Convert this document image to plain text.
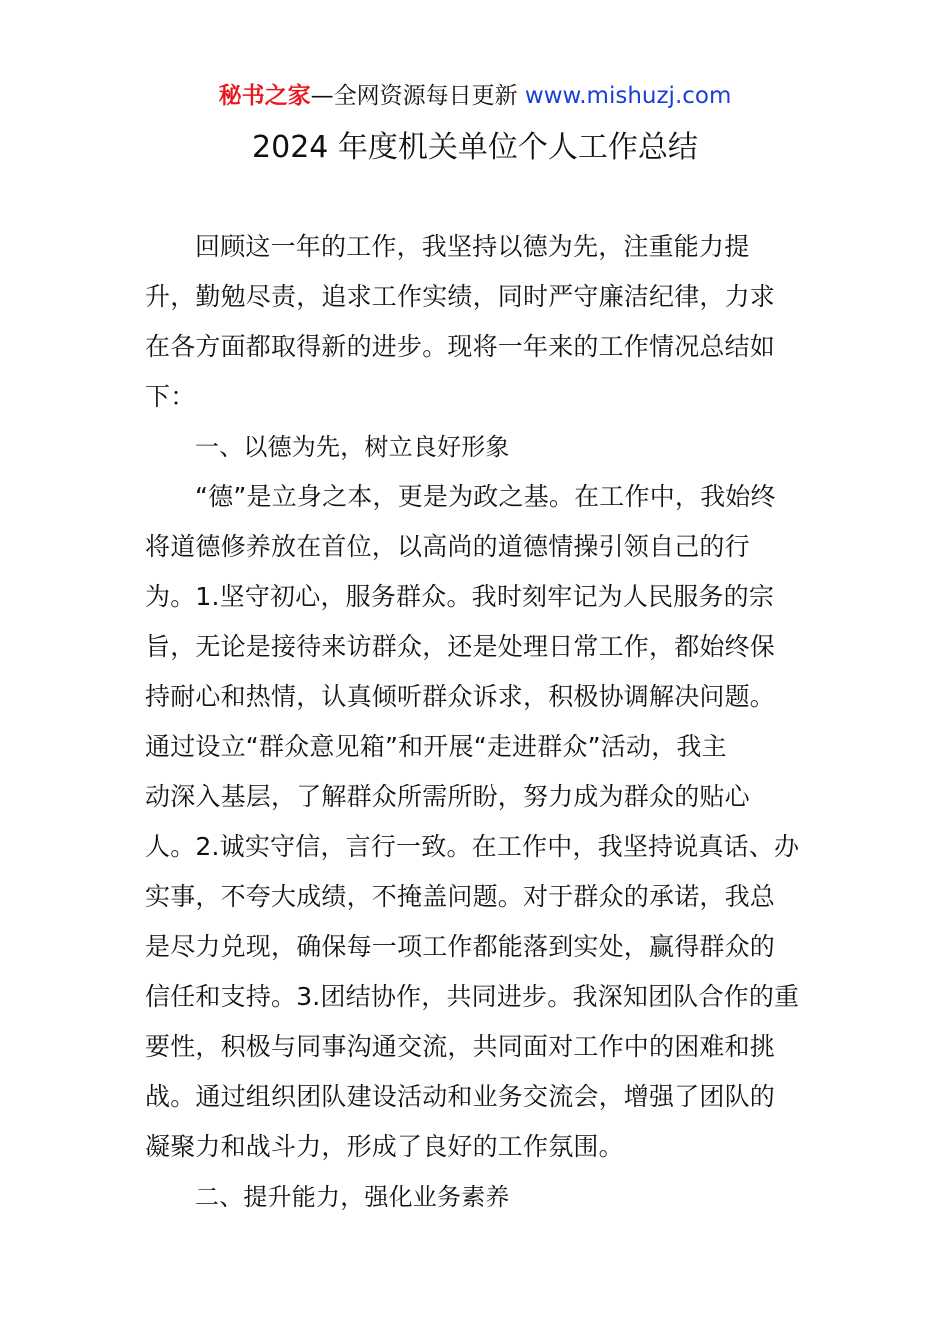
秘书之家—全网资源每日更新 www.mishuzj.com
2024 年度机关单位个人工作总结
回顾这一年的工作，我坚持以德为先，注重能力提
升，勤勉尽责，追求工作实绩，同时严守廉洁纪律，力求
在各方面都取得新的进步。现将一年来的工作情况总结如
下：
一、以德为先，树立良好形象
“德”是立身之本，更是为政之基。在工作中，我始终
将道德修养放在首位，以高尚的道德情操引领自己的行
为。1.坚守初心，服务群众。我时刻牢记为人民服务的宗
旨，无论是接待来访群众，还是处理日常工作，都始终保
持耐心和热情，认真倾听群众诉求，积极协调解决问题。
通过设立“群众意见箱”和开展“走进群众”活动，我主
动深入基层，了解群众所需所盼，努力成为群众的贴心
人。2.诚实守信，言行一致。在工作中，我坚持说真话、办
实事，不夸大成绩，不掩盖问题。对于群众的承诺，我总
是尽力兑现，确保每一项工作都能落到实处，赢得群众的
信任和支持。3.团结协作，共同进步。我深知团队合作的重
要性，积极与同事沟通交流，共同面对工作中的困难和挑
战。通过组织团队建设活动和业务交流会，增强了团队的
凝聚力和战斗力，形成了良好的工作氛围。
二、提升能力，强化业务素养
